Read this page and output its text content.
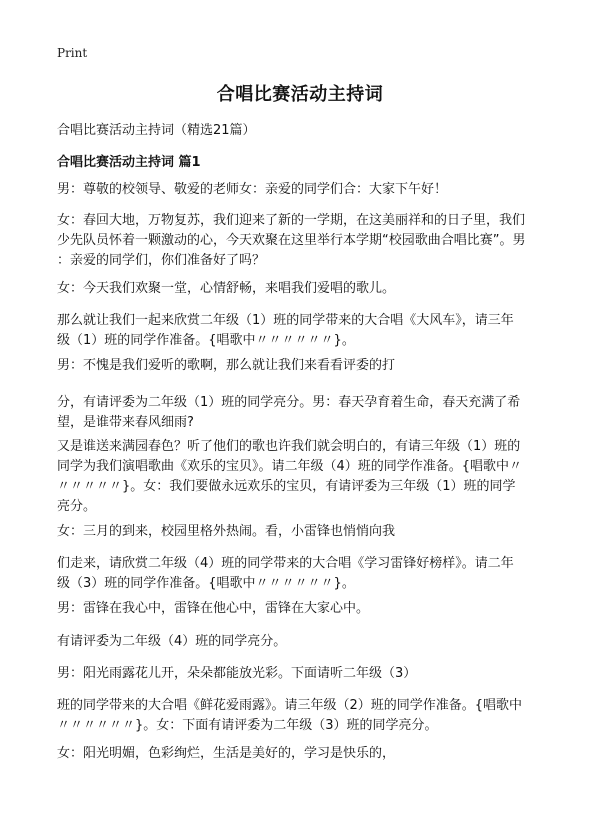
Print
合唱比赛活动主持词
合唱比赛活动主持词（精选21篇）
合唱比赛活动主持词 篇1

男：尊敬的校领导、敬爱的老师女：亲爱的同学们合：大家下午好！

女：春回大地，万物复苏，我们迎来了新的一学期，在这美丽祥和的日子里，我们
少先队员怀着一颗激动的心，今天欢聚在这里举行本学期“校园歌曲合唱比赛”。男
：亲爱的同学们，你们准备好了吗？

女：今天我们欢聚一堂，心情舒畅，来唱我们爱唱的歌儿。

那么就让我们一起来欣赏二年级（1）班的同学带来的大合唱《大风车》，请三年
级（1）班的同学作准备。{唱歌中〃〃〃〃〃〃}。

男：不愧是我们爱听的歌啊，那么就让我们来看看评委的打

分，有请评委为二年级（1）班的同学亮分。男：春天孕育着生命，春天充满了希
望，是谁带来春风细雨?

又是谁送来满园春色？听了他们的歌也许我们就会明白的，有请三年级（1）班的
同学为我们演唱歌曲《欢乐的宝贝》。请二年级（4）班的同学作准备。{唱歌中〃
〃〃〃〃〃}。女：我们要做永远欢乐的宝贝，有请评委为三年级（1）班的同学
亮分。

女：三月的到来，校园里格外热闹。看，小雷锋也悄悄向我

们走来，请欣赏二年级（4）班的同学带来的大合唱《学习雷锋好榜样》。请二年
级（3）班的同学作准备。{唱歌中〃〃〃〃〃〃}。

男：雷锋在我心中，雷锋在他心中，雷锋在大家心中。

有请评委为二年级（4）班的同学亮分。

男：阳光雨露花儿开，朵朵都能放光彩。下面请听二年级（3）

班的同学带来的大合唱《鲜花爱雨露》。请三年级（2）班的同学作准备。{唱歌中
〃〃〃〃〃〃}。女：下面有请评委为二年级（3）班的同学亮分。

女：阳光明媚，色彩绚烂，生活是美好的，学习是快乐的，
